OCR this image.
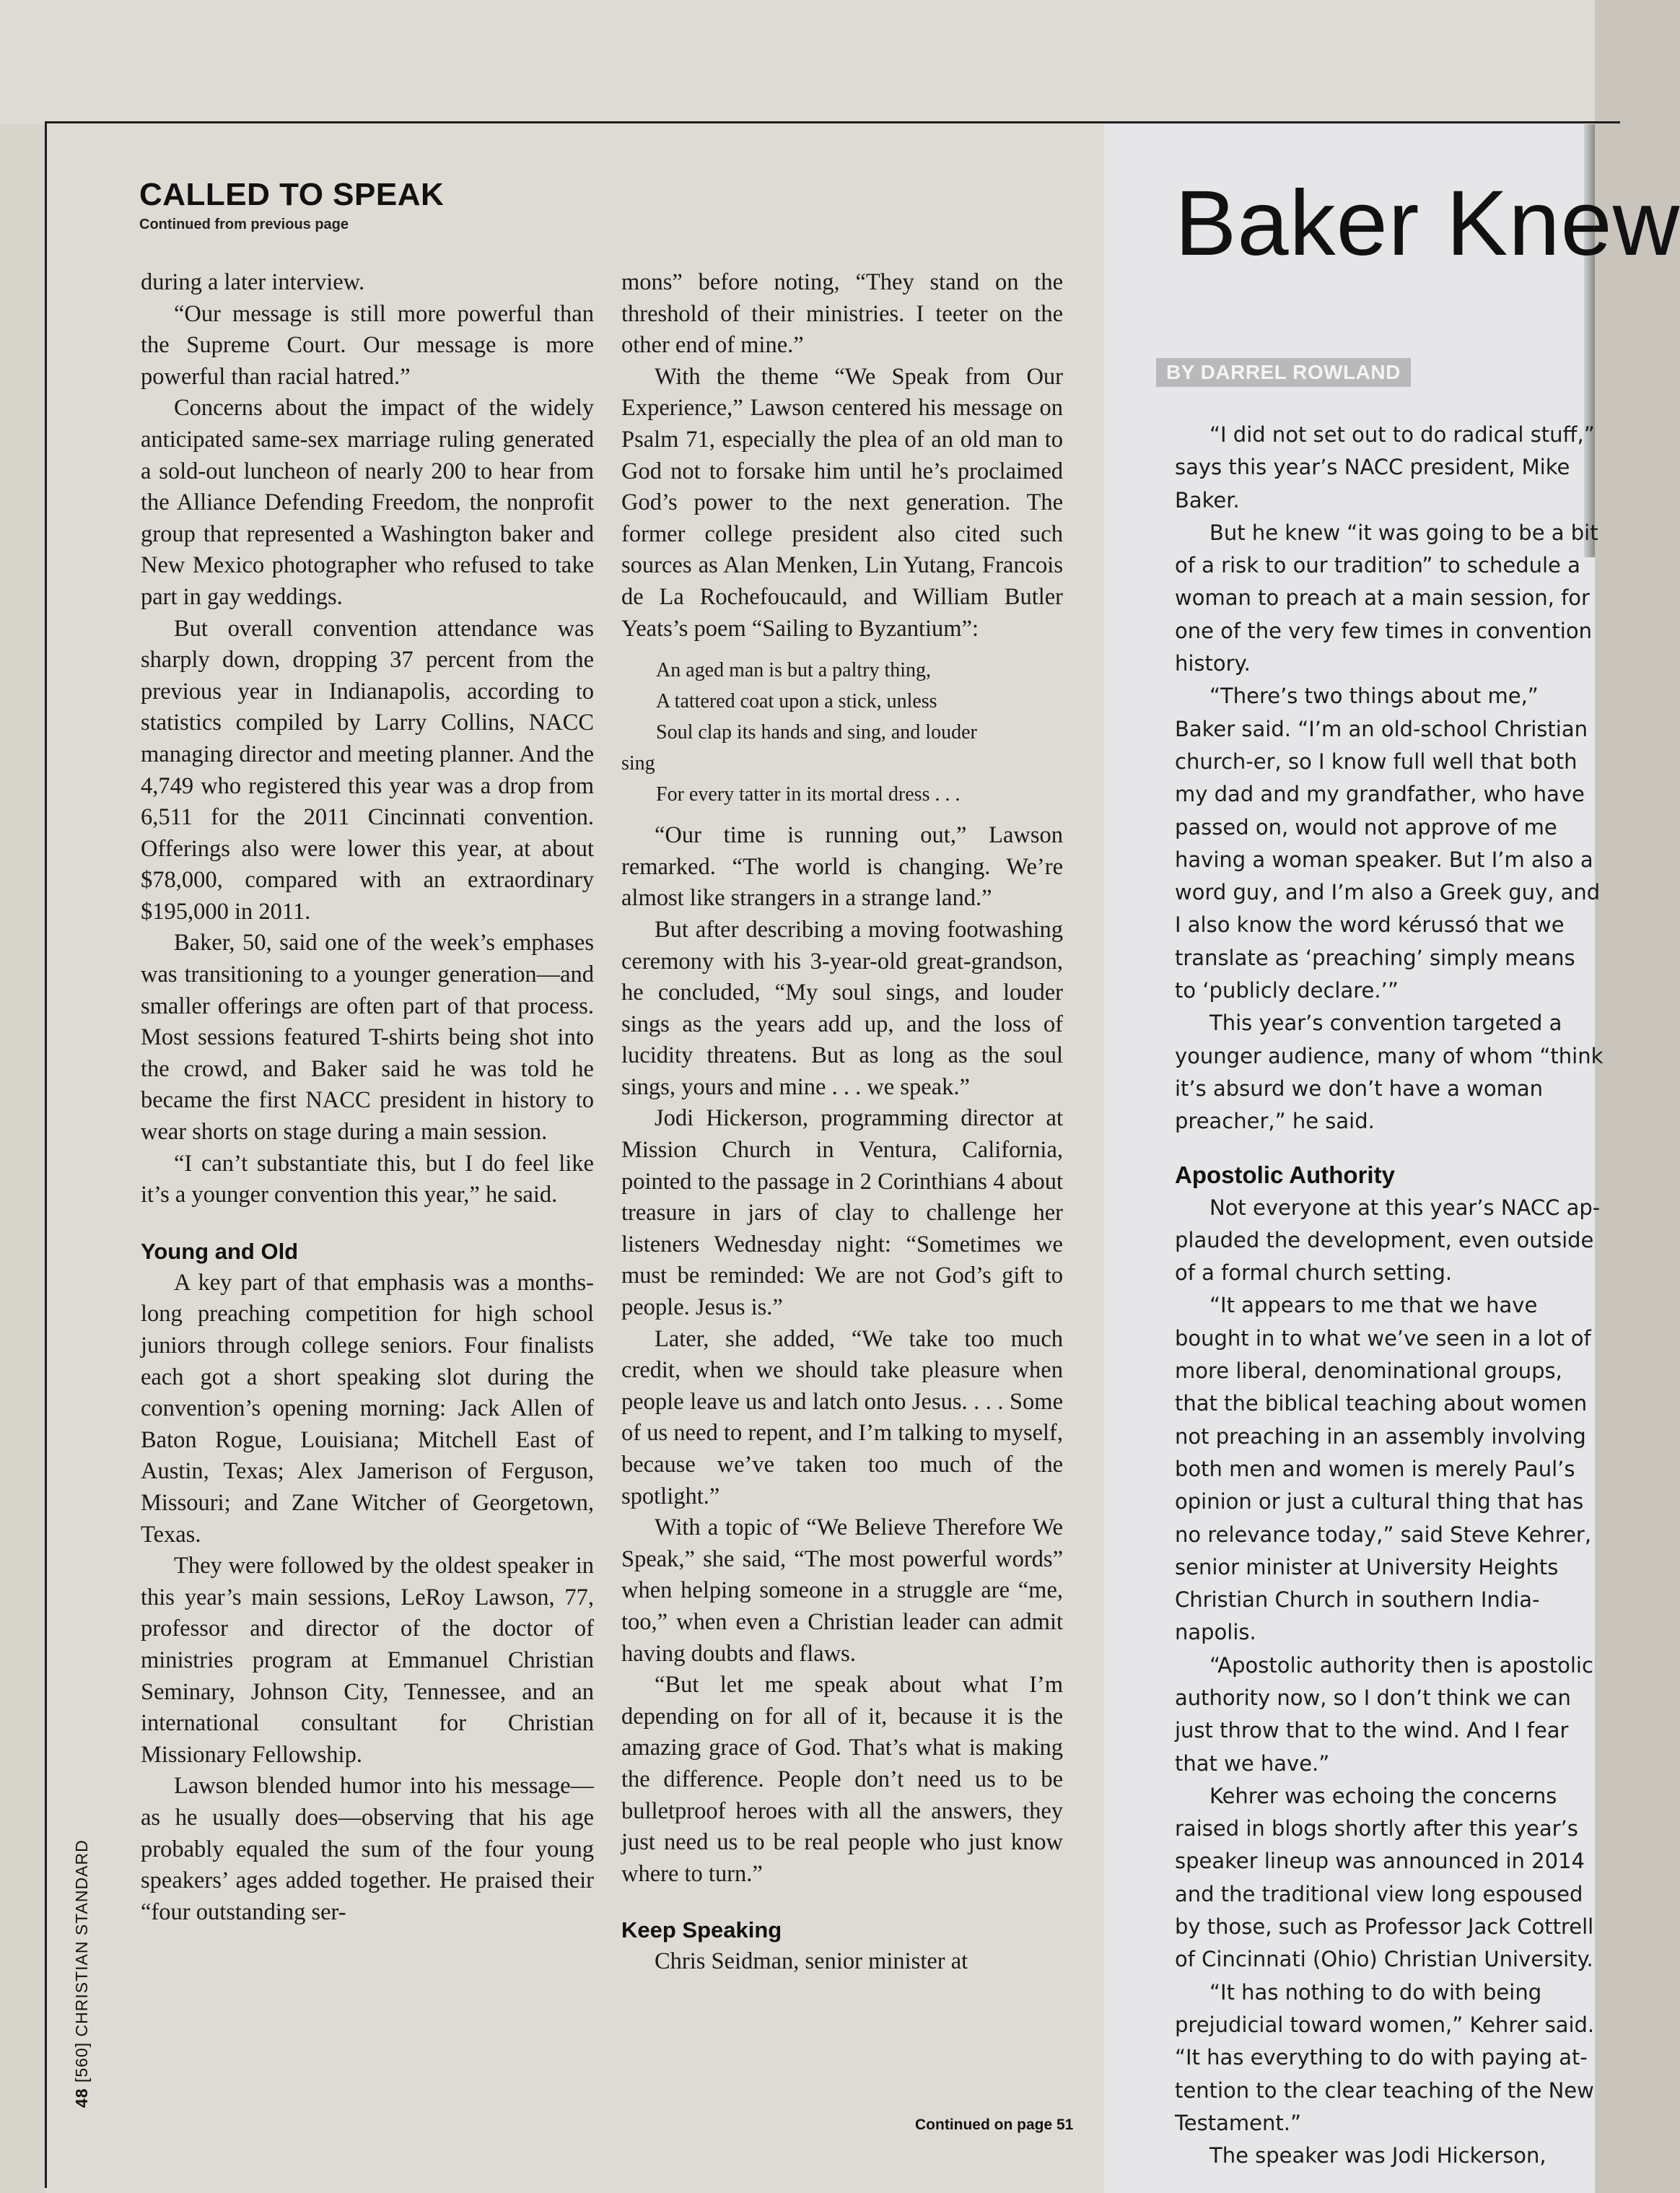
CALLED TO SPEAK
Continued from previous page

during a later interview.

“Our message is still more powerful than the Supreme Court. Our message is more powerful than racial hatred.”

Concerns about the impact of the widely anticipated same-sex marriage ruling generated a sold-out luncheon of nearly 200 to hear from the Alliance Defending Freedom, the nonprofit group that represented a Washington baker and New Mexico photographer who refused to take part in gay weddings.

But overall convention attendance was sharply down, dropping 37 percent from the previous year in Indianapolis, according to statistics compiled by Larry Collins, NACC managing director and meeting planner. And the 4,749 who registered this year was a drop from 6,511 for the 2011 Cincinnati convention. Offerings also were lower this year, at about $78,000, compared with an extraordinary $195,000 in 2011.

Baker, 50, said one of the week’s emphases was transitioning to a younger generation—and smaller offerings are often part of that process. Most sessions featured T-shirts being shot into the crowd, and Baker said he was told he became the first NACC president in history to wear shorts on stage during a main session.

“I can’t substantiate this, but I do feel like it’s a younger convention this year,” he said.

Young and Old

A key part of that emphasis was a months-long preaching competition for high school juniors through college seniors. Four finalists each got a short speaking slot during the convention’s opening morning: Jack Allen of Baton Rogue, Louisiana; Mitchell East of Austin, Texas; Alex Jamerison of Ferguson, Missouri; and Zane Witcher of Georgetown, Texas.

They were followed by the oldest speaker in this year’s main sessions, LeRoy Lawson, 77, professor and director of the doctor of ministries program at Emmanuel Christian Seminary, Johnson City, Tennessee, and an international consultant for Christian Missionary Fellowship.

Lawson blended humor into his message—as he usually does—observing that his age probably equaled the sum of the four young speakers’ ages added together. He praised their “four outstanding ser-

mons” before noting, “They stand on the threshold of their ministries. I teeter on the other end of mine.”

With the theme “We Speak from Our Experience,” Lawson centered his message on Psalm 71, especially the plea of an old man to God not to forsake him until he’s proclaimed God’s power to the next generation. The former college president also cited such sources as Alan Menken, Lin Yutang, Francois de La Rochefoucauld, and William Butler Yeats’s poem “Sailing to Byzantium”:

An aged man is but a paltry thing,
A tattered coat upon a stick, unless
Soul clap its hands and sing, and louder
sing
For every tatter in its mortal dress . . .

“Our time is running out,” Lawson remarked. “The world is changing. We’re almost like strangers in a strange land.”

But after describing a moving footwashing ceremony with his 3-year-old great-grandson, he concluded, “My soul sings, and louder sings as the years add up, and the loss of lucidity threatens. But as long as the soul sings, yours and mine . . . we speak.”

Jodi Hickerson, programming director at Mission Church in Ventura, California, pointed to the passage in 2 Corinthians 4 about treasure in jars of clay to challenge her listeners Wednesday night: “Sometimes we must be reminded: We are not God’s gift to people. Jesus is.”

Later, she added, “We take too much credit, when we should take pleasure when people leave us and latch onto Jesus. . . . Some of us need to repent, and I’m talking to myself, because we’ve taken too much of the spotlight.”

With a topic of “We Believe Therefore We Speak,” she said, “The most powerful words” when helping someone in a struggle are “me, too,” when even a Christian leader can admit having doubts and flaws.

“But let me speak about what I’m depending on for all of it, because it is the amazing grace of God. That’s what is making the difference. People don’t need us to be bulletproof heroes with all the answers, they just need us to be real people who just know where to turn.”

Keep Speaking

Chris Seidman, senior minister at

Continued on page 51
48 [560] CHRISTIAN STANDARD
Baker Knew
BY DARREL ROWLAND
“I did not set out to do radical stuff,”
says this year’s NACC president, Mike
Baker.
But he knew “it was going to be a bit
of a risk to our tradition” to schedule a
woman to preach at a main session, for
one of the very few times in convention
history.
“There’s two things about me,”
Baker said. “I’m an old-school Christian
church-er, so I know full well that both
my dad and my grandfather, who have
passed on, would not approve of me
having a woman speaker. But I’m also a
word guy, and I’m also a Greek guy, and
I also know the word kérussó that we
translate as ‘preaching’ simply means
to ‘publicly declare.’”
This year’s convention targeted a
younger audience, many of whom “think
it’s absurd we don’t have a woman
preacher,” he said.
Apostolic Authority
Not everyone at this year’s NACC ap-
plauded the development, even outside
of a formal church setting.
“It appears to me that we have
bought in to what we’ve seen in a lot of
more liberal, denominational groups,
that the biblical teaching about women
not preaching in an assembly involving
both men and women is merely Paul’s
opinion or just a cultural thing that has
no relevance today,” said Steve Kehrer,
senior minister at University Heights
Christian Church in southern India-
napolis.
“Apostolic authority then is apostolic
authority now, so I don’t think we can
just throw that to the wind. And I fear
that we have.”
Kehrer was echoing the concerns
raised in blogs shortly after this year’s
speaker lineup was announced in 2014
and the traditional view long espoused
by those, such as Professor Jack Cottrell
of Cincinnati (Ohio) Christian University.
“It has nothing to do with being
prejudicial toward women,” Kehrer said.
“It has everything to do with paying at-
tention to the clear teaching of the New
Testament.”
The speaker was Jodi Hickerson,
